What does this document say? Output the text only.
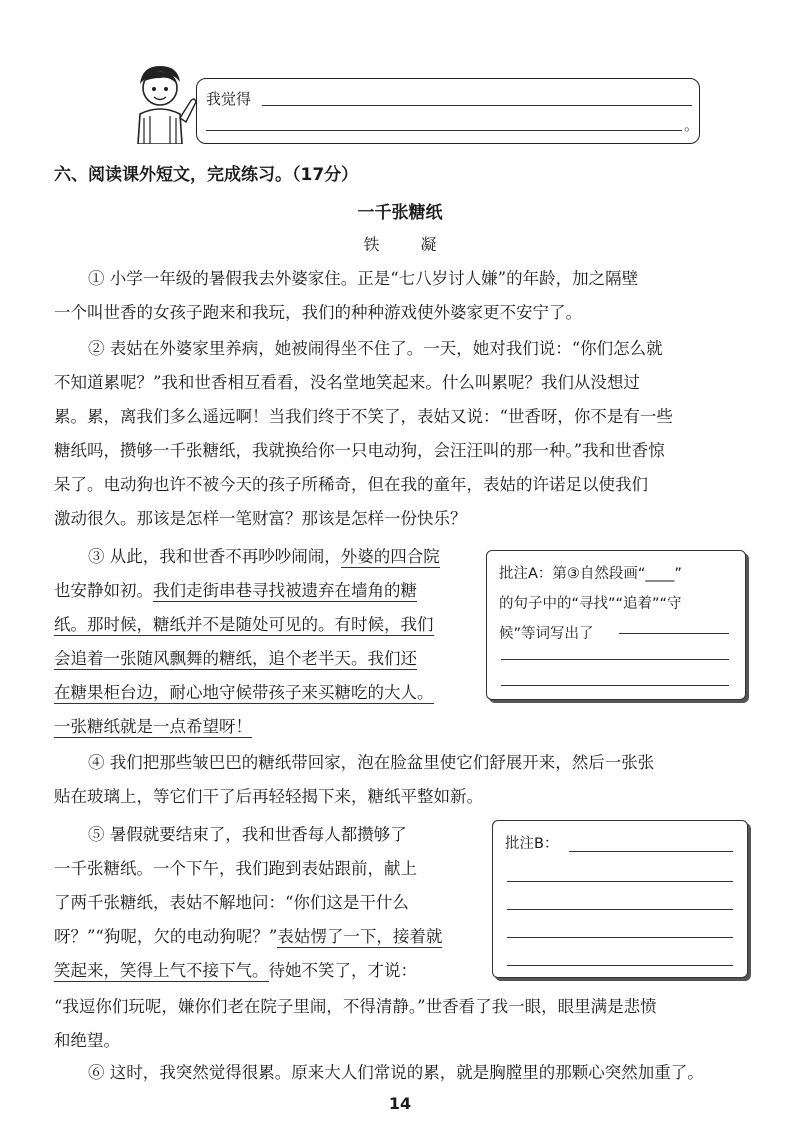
我觉得
。
六、阅读课外短文，完成练习。（17分）
一千张糖纸
铁 凝
① 小学一年级的暑假我去外婆家住。正是“七八岁讨人嫌”的年龄，加之隔壁
一个叫世香的女孩子跑来和我玩，我们的种种游戏使外婆家更不安宁了。
② 表姑在外婆家里养病，她被闹得坐不住了。一天，她对我们说：“你们怎么就
不知道累呢？”我和世香相互看看，没名堂地笑起来。什么叫累呢？我们从没想过
累。累，离我们多么遥远啊！当我们终于不笑了，表姑又说：“世香呀，你不是有一些
糖纸吗，攒够一千张糖纸，我就换给你一只电动狗，会汪汪叫的那一种。”我和世香惊
呆了。电动狗也许不被今天的孩子所稀奇，但在我的童年，表姑的许诺足以使我们
激动很久。那该是怎样一笔财富？那该是怎样一份快乐？
③ 从此，我和世香不再吵吵闹闹，外婆的四合院
也安静如初。我们走街串巷寻找被遗弃在墙角的糖
纸。那时候，糖纸并不是随处可见的。有时候，我们
会追着一张随风飘舞的糖纸，追个老半天。我们还
在糖果柜台边，耐心地守候带孩子来买糖吃的大人。
一张糖纸就是一点希望呀！
批注A：第③自然段画“____”
的句子中的“寻找”“追着”“守
候”等词写出了
④ 我们把那些皱巴巴的糖纸带回家，泡在脸盆里使它们舒展开来，然后一张张
贴在玻璃上，等它们干了后再轻轻揭下来，糖纸平整如新。
⑤ 暑假就要结束了，我和世香每人都攒够了
一千张糖纸。一个下午，我们跑到表姑跟前，献上
了两千张糖纸，表姑不解地问：“你们这是干什么
呀？”“狗呢，欠的电动狗呢？”表姑愣了一下，接着就
笑起来，笑得上气不接下气。待她不笑了，才说：
“我逗你们玩呢，嫌你们老在院子里闹，不得清静。”世香看了我一眼，眼里满是悲愤
和绝望。
批注B：
⑥ 这时，我突然觉得很累。原来大人们常说的累，就是胸膛里的那颗心突然加重了。
14
